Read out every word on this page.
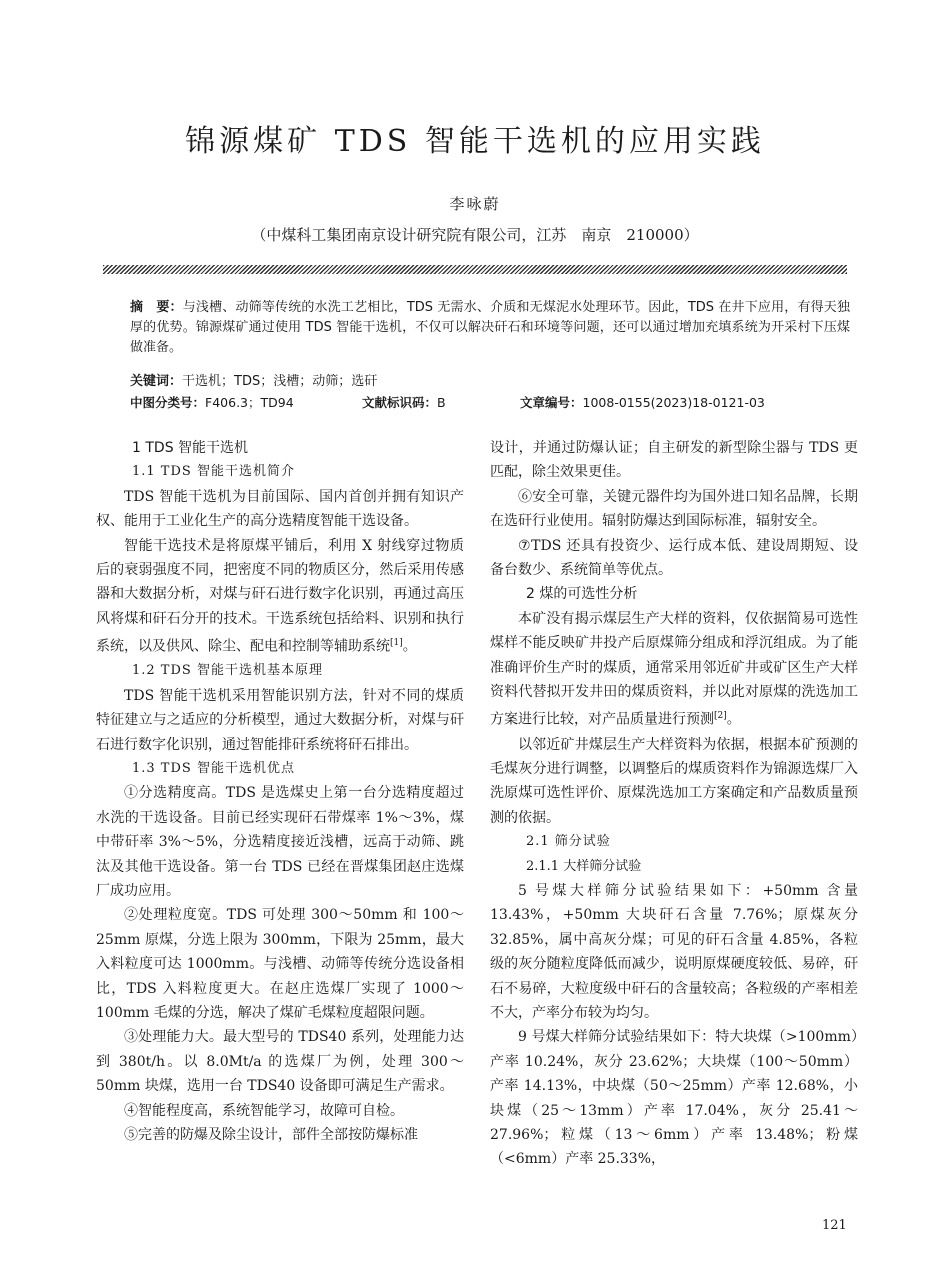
锦源煤矿 TDS 智能干选机的应用实践
李咏蔚
（中煤科工集团南京设计研究院有限公司，江苏　南京　210000）
摘　要：与浅槽、动筛等传统的水洗工艺相比，TDS 无需水、介质和无煤泥水处理环节。因此，TDS 在井下应用，有得天独厚的优势。锦源煤矿通过使用 TDS 智能干选机，不仅可以解决矸石和环境等问题，还可以通过增加充填系统为开采村下压煤做准备。
关键词：干选机；TDS；浅槽；动筛；选矸
中图分类号：F406.3；TD94	文献标识码：B	文章编号：1008-0155(2023)18-0121-03
1 TDS 智能干选机
1.1 TDS 智能干选机简介

TDS 智能干选机为目前国际、国内首创并拥有知识产权、能用于工业化生产的高分选精度智能干选设备。

智能干选技术是将原煤平铺后，利用 X 射线穿过物质后的衰弱强度不同，把密度不同的物质区分，然后采用传感器和大数据分析，对煤与矸石进行数字化识别，再通过高压风将煤和矸石分开的技术。干选系统包括给料、识别和执行系统，以及供风、除尘、配电和控制等辅助系统[1]。

1.2 TDS 智能干选机基本原理

TDS 智能干选机采用智能识别方法，针对不同的煤质特征建立与之适应的分析模型，通过大数据分析，对煤与矸石进行数字化识别，通过智能排矸系统将矸石排出。

1.3 TDS 智能干选机优点

①分选精度高。TDS 是选煤史上第一台分选精度超过水洗的干选设备。目前已经实现矸石带煤率 1%～3%，煤中带矸率 3%～5%，分选精度接近浅槽，远高于动筛、跳汰及其他干选设备。第一台 TDS 已经在晋煤集团赵庄选煤厂成功应用。

②处理粒度宽。TDS 可处理 300～50mm 和 100～25mm 原煤，分选上限为 300mm，下限为 25mm，最大入料粒度可达 1000mm。与浅槽、动筛等传统分选设备相比，TDS 入料粒度更大。在赵庄选煤厂实现了 1000～100mm 毛煤的分选，解决了煤矿毛煤粒度超限问题。

③处理能力大。最大型号的 TDS40 系列，处理能力达到 380t/h。以 8.0Mt/a 的选煤厂为例，处理 300～50mm 块煤，选用一台 TDS40 设备即可满足生产需求。

④智能程度高，系统智能学习，故障可自检。

⑤完善的防爆及除尘设计，部件全部按防爆标准

设计，并通过防爆认证；自主研发的新型除尘器与 TDS 更匹配，除尘效果更佳。

⑥安全可靠，关键元器件均为国外进口知名品牌，长期在选矸行业使用。辐射防爆达到国际标准，辐射安全。

⑦TDS 还具有投资少、运行成本低、建设周期短、设备台数少、系统简单等优点。

2 煤的可选性分析

本矿没有揭示煤层生产大样的资料，仅依据简易可选性煤样不能反映矿井投产后原煤筛分组成和浮沉组成。为了能准确评价生产时的煤质，通常采用邻近矿井或矿区生产大样资料代替拟开发井田的煤质资料，并以此对原煤的洗选加工方案进行比较，对产品质量进行预测[2]。

以邻近矿井煤层生产大样资料为依据，根据本矿预测的毛煤灰分进行调整，以调整后的煤质资料作为锦源选煤厂入洗原煤可选性评价、原煤洗选加工方案确定和产品数质量预测的依据。

2.1 筛分试验
2.1.1 大样筛分试验

5 号煤大样筛分试验结果如下：+50mm 含量 13.43%，+50mm 大块矸石含量 7.76%；原煤灰分 32.85%，属中高灰分煤；可见的矸石含量 4.85%，各粒级的灰分随粒度降低而减少，说明原煤硬度较低、易碎，矸石不易碎，大粒度级中矸石的含量较高；各粒级的产率相差不大，产率分布较为均匀。

9 号煤大样筛分试验结果如下：特大块煤（>100mm）产率 10.24%，灰分 23.62%；大块煤（100～50mm）产率 14.13%，中块煤（50～25mm）产率 12.68%，小块煤（25～13mm）产率 17.04%，灰分 25.41～27.96%；粒煤（13～6mm）产率 13.48%；粉煤（<6mm）产率 25.33%，

121
